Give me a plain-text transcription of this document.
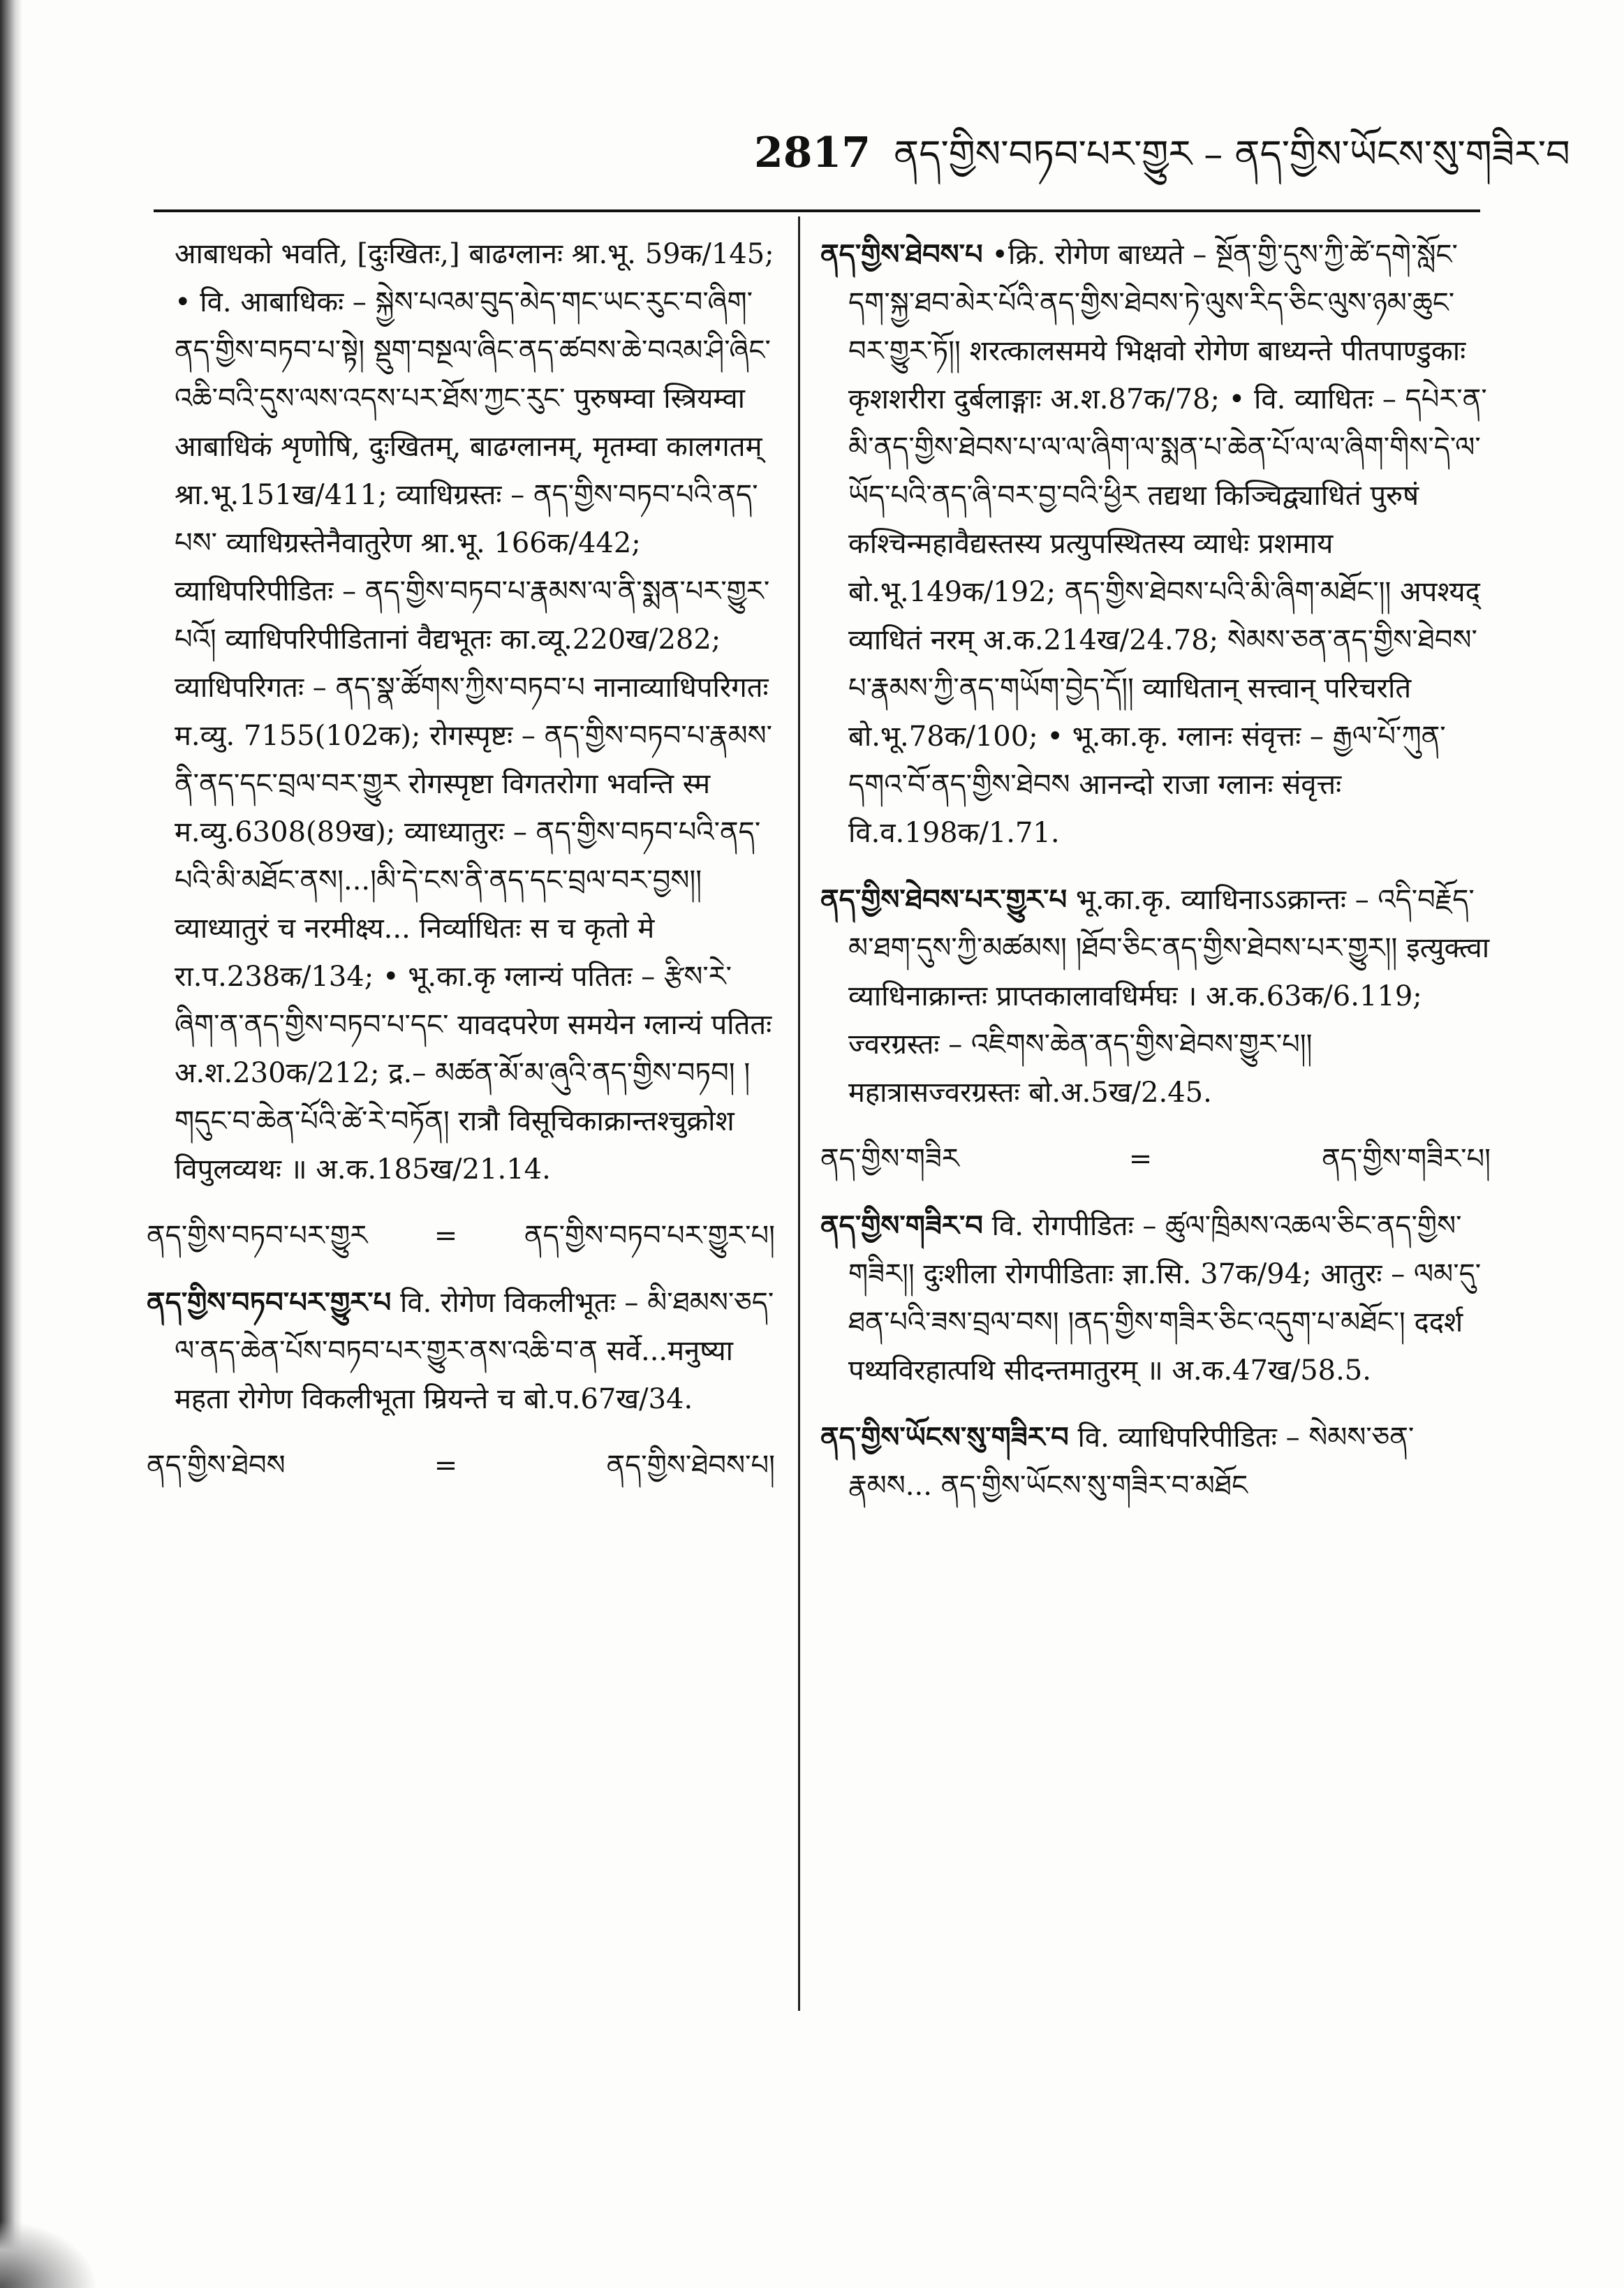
2817 ནད་གྱིས་བཏབ་པར་གྱུར – ནད་གྱིས་ཡོངས་སུ་གཟིར་བ

आबाधको भवति, [दुःखितः,] बाढग्लानः श्रा.भू. 59क/145; • वि. आबाधिकः – སྐྱེས་པའམ་བུད་མེད་གང་ཡང་རུང་བ་ཞིག་ནད་གྱིས་བཏབ་པ་སྟེ། སྡུག་བསྔལ་ཞིང་ནད་ཚབས་ཆེ་བའམ་ཤི་ཞིང་འཆི་བའི་དུས་ལས་འདས་པར་ཐོས་ཀྱང་རུང་ पुरुषम्वा स्त्रियम्वा आबाधिकं शृणोषि, दुःखितम्, बाढग्लानम्, मृतम्वा कालगतम् श्रा.भू.151ख/411; व्याधिग्रस्तः – ནད་གྱིས་བཏབ་པའི་ནད་པས་ व्याधिग्रस्तेनैवातुरेण श्रा.भू. 166क/442; व्याधिपरिपीडितः – ནད་གྱིས་བཏབ་པ་རྣམས་ལ་ནི་སྨན་པར་གྱུར་པའོ། व्याधिपरिपीडितानां वैद्यभूतः का.व्यू.220ख/282; व्याधिपरिगतः – ནད་སྣ་ཚོགས་ཀྱིས་བཏབ་པ नानाव्याधिपरिगतः म.व्यु. 7155(102क); रोगस्पृष्टः – ནད་གྱིས་བཏབ་པ་རྣམས་ནི་ནད་དང་བྲལ་བར་གྱུར रोगस्पृष्टा विगतरोगा भवन्ति स्म म.व्यु.6308(89ख); व्याध्यातुरः – ནད་གྱིས་བཏབ་པའི་ནད་པའི་མི་མཐོང་ནས།...།མི་དེ་ངས་ནི་ནད་དང་བྲལ་བར་བྱས།། व्याध्यातुरं च नरमीक्ष्य... निर्व्याधितः स च कृतो मे रा.प.238क/134; • भू.का.कृ ग्लान्यं पतितः – རྩིས་རེ་ཞིག་ན་ནད་གྱིས་བཏབ་པ་དང་ यावदपरेण समयेन ग्लान्यं पतितः अ.श.230क/212; द्र.– མཚན་མོ་མ་ཞུའི་ནད་གྱིས་བཏབ། །གདུང་བ་ཆེན་པོའི་ཚེ་རེ་བཏོན། रात्रौ विसूचिकाक्रान्तश्चुक्रोश विपुलव्यथः ॥ अ.क.185ख/21.14.

ནད་གྱིས་བཏབ་པར་གྱུར	=	ནད་གྱིས་བཏབ་པར་གྱུར་པ།

ནད་གྱིས་བཏབ་པར་གྱུར་པ वि. रोगेण विकलीभूतः – མི་ཐམས་ཅད་ལ་ནད་ཆེན་པོས་བཏབ་པར་གྱུར་ནས་འཆི་བ་ན सर्वे...मनुष्या महता रोगेण विकलीभूता म्रियन्ते च बो.प.67ख/34.

ནད་གྱིས་ཐེབས	=	ནད་གྱིས་ཐེབས་པ།

ནད་གྱིས་ཐེབས་པ •क्रि. रोगेण बाध्यते – སྔོན་གྱི་དུས་ཀྱི་ཚེ་དགེ་སློང་དག་སྐྱ་ཐབ་མེར་པོའི་ནད་གྱིས་ཐེབས་ཏེ་ལུས་རིད་ཅིང་ལུས་ཉམ་ཆུང་བར་གྱུར་ཏོ།། शरत्कालसमये भिक्षवो रोगेण बाध्यन्ते पीतपाण्डुकाः कृशशरीरा दुर्बलाङ्गाः अ.श.87क/78; • वि. व्याधितः – དཔེར་ན་མི་ནད་གྱིས་ཐེབས་པ་ལ་ལ་ཞིག་ལ་སྨན་པ་ཆེན་པོ་ལ་ལ་ཞིག་གིས་དེ་ལ་ཡོད་པའི་ནད་ཞི་བར་བྱ་བའི་ཕྱིར तद्यथा किञ्चिद्व्याधितं पुरुषं कश्चिन्महावैद्यस्तस्य प्रत्युपस्थितस्य व्याधेः प्रशमाय बो.भू.149क/192; ནད་གྱིས་ཐེབས་པའི་མི་ཞིག་མཐོང་།། अपश्यद् व्याधितं नरम् अ.क.214ख/24.78; སེམས་ཅན་ནད་གྱིས་ཐེབས་པ་རྣམས་ཀྱི་ནད་གཡོག་བྱེད་དོ།། व्याधितान् सत्त्वान् परिचरति बो.भू.78क/100; • भू.का.कृ. ग्लानः संवृत्तः – རྒྱལ་པོ་ཀུན་དགའ་བོ་ནད་གྱིས་ཐེབས आनन्दो राजा ग्लानः संवृत्तः वि.व.198क/1.71.

ནད་གྱིས་ཐེབས་པར་གྱུར་པ भू.का.कृ. व्याधिनाऽऽक्रान्तः – འདི་བརྗོད་མ་ཐག་དུས་ཀྱི་མཚམས། །ཐོབ་ཅིང་ནད་གྱིས་ཐེབས་པར་གྱུར།། इत्युक्त्वा व्याधिनाक्रान्तः प्राप्तकालावधिर्मघः । अ.क.63क/6.119; ज्वरग्रस्तः – འཇིགས་ཆེན་ནད་གྱིས་ཐེབས་གྱུར་པ།། महात्रासज्वरग्रस्तः बो.अ.5ख/2.45.

ནད་གྱིས་གཟིར	=	ནད་གྱིས་གཟིར་པ།

ནད་གྱིས་གཟིར་བ वि. रोगपीडितः – ཚུལ་ཁྲིམས་འཆལ་ཅིང་ནད་གྱིས་གཟིར།། दुःशीला रोगपीडिताः ज्ञा.सि. 37क/94; आतुरः – ལམ་དུ་ཐན་པའི་ཟས་བྲལ་བས། །ནད་གྱིས་གཟིར་ཅིང་འདུག་པ་མཐོང་། ददर्श पथ्यविरहात्पथि सीदन्तमातुरम् ॥ अ.क.47ख/58.5.

ནད་གྱིས་ཡོངས་སུ་གཟིར་བ वि. व्याधिपरिपीडितः – སེམས་ཅན་རྣམས... ནད་གྱིས་ཡོངས་སུ་གཟིར་བ་མཐོང
